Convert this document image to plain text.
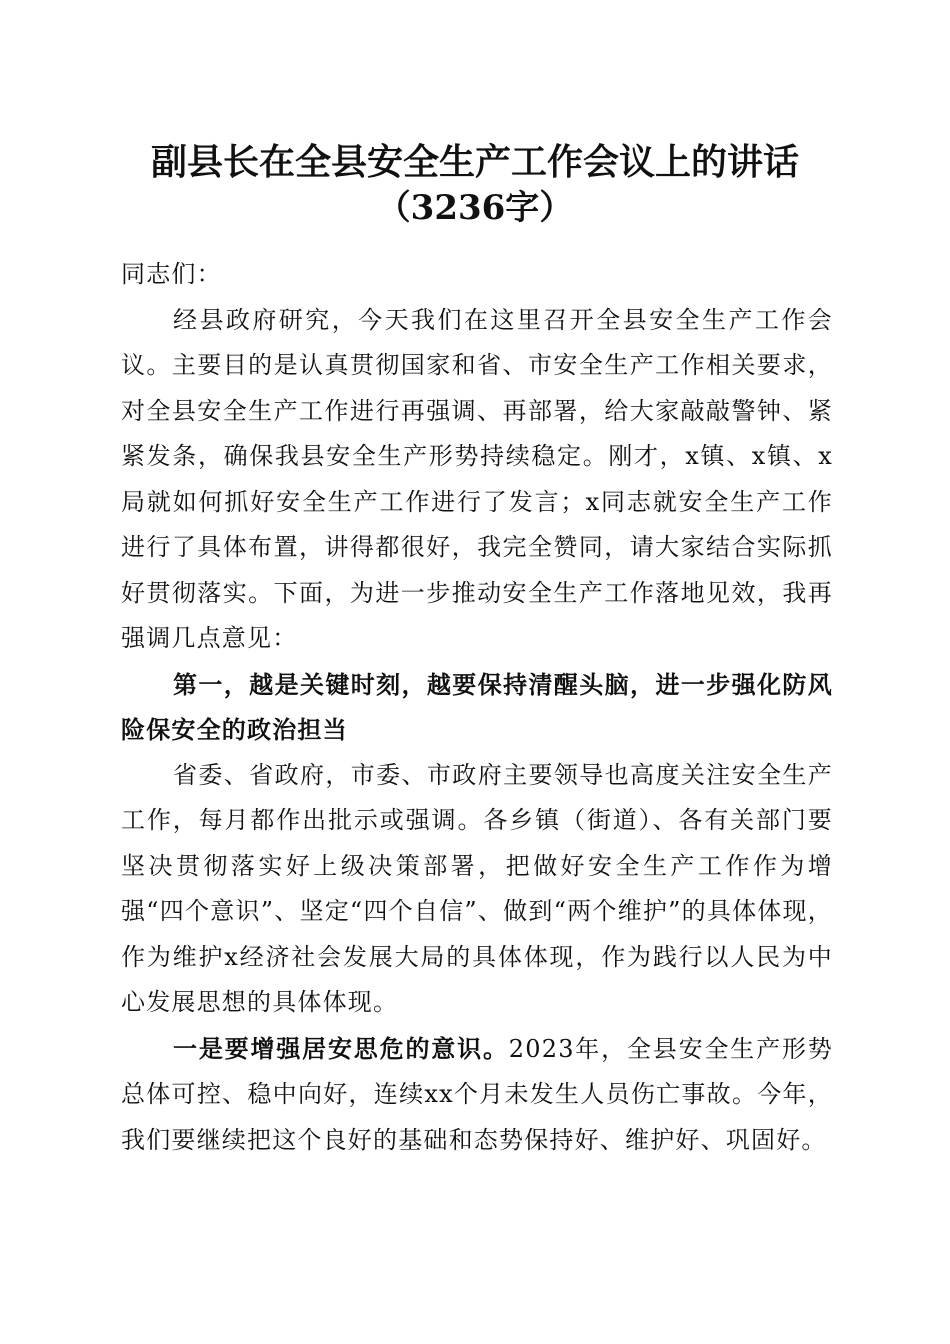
副县长在全县安全生产工作会议上的讲话
（3236字）

同志们：

经县政府研究，今天我们在这里召开全县安全生产工作会议。主要目的是认真贯彻国家和省、市安全生产工作相关要求，对全县安全生产工作进行再强调、再部署，给大家敲敲警钟、紧紧发条，确保我县安全生产形势持续稳定。刚才，x镇、x镇、x局就如何抓好安全生产工作进行了发言；x同志就安全生产工作进行了具体布置，讲得都很好，我完全赞同，请大家结合实际抓好贯彻落实。下面，为进一步推动安全生产工作落地见效，我再强调几点意见：

第一，越是关键时刻，越要保持清醒头脑，进一步强化防风险保安全的政治担当

省委、省政府，市委、市政府主要领导也高度关注安全生产工作，每月都作出批示或强调。各乡镇（街道）、各有关部门要坚决贯彻落实好上级决策部署，把做好安全生产工作作为增强“四个意识”、坚定“四个自信”、做到“两个维护”的具体体现，作为维护x经济社会发展大局的具体体现，作为践行以人民为中心发展思想的具体体现。

一是要增强居安思危的意识。2023年，全县安全生产形势总体可控、稳中向好，连续xx个月未发生人员伤亡事故。今年，我们要继续把这个良好的基础和态势保持好、维护好、巩固好。
